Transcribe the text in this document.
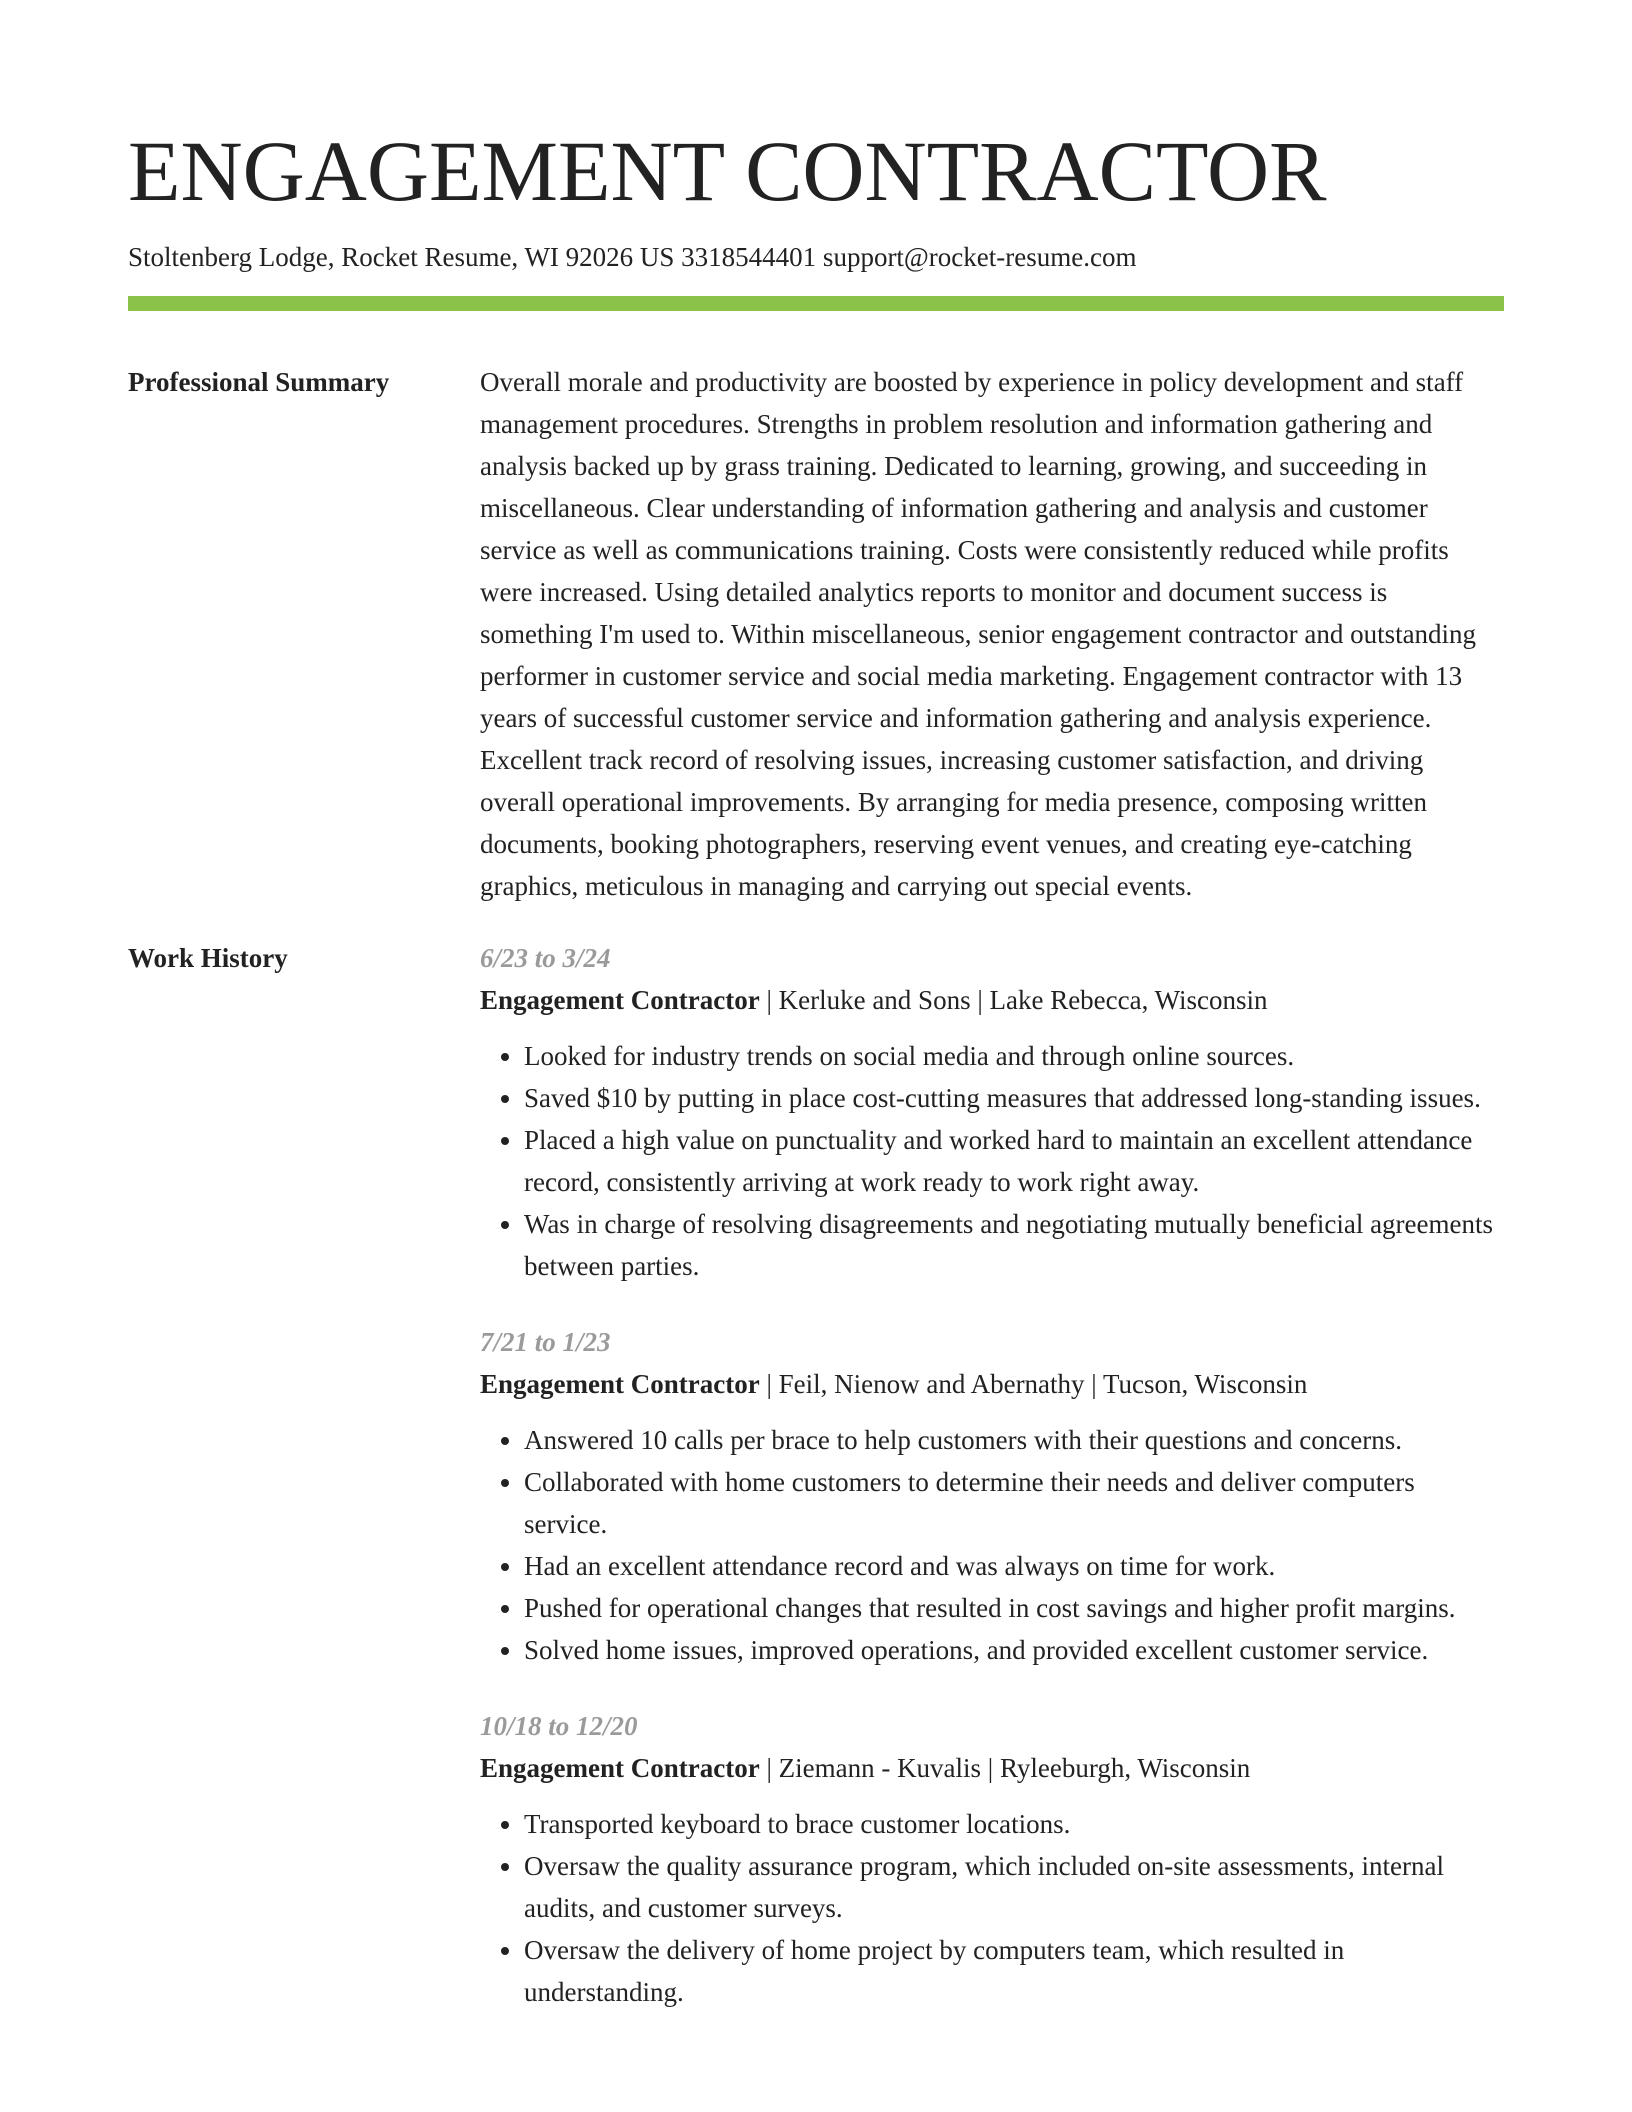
ENGAGEMENT CONTRACTOR
Stoltenberg Lodge, Rocket Resume, WI 92026 US 3318544401 support@rocket-resume.com
Professional Summary	Overall morale and productivity are boosted by experience in policy development and staff management procedures. Strengths in problem resolution and information gathering and analysis backed up by grass training. Dedicated to learning, growing, and succeeding in miscellaneous. Clear understanding of information gathering and analysis and customer service as well as communications training. Costs were consistently reduced while profits were increased. Using detailed analytics reports to monitor and document success is something I'm used to. Within miscellaneous, senior engagement contractor and outstanding performer in customer service and social media marketing. Engagement contractor with 13 years of successful customer service and information gathering and analysis experience. Excellent track record of resolving issues, increasing customer satisfaction, and driving overall operational improvements. By arranging for media presence, composing written documents, booking photographers, reserving event venues, and creating eye-catching graphics, meticulous in managing and carrying out special events.
Work History	6/23 to 3/24
Engagement Contractor | Kerluke and Sons | Lake Rebecca, Wisconsin
• Looked for industry trends on social media and through online sources.
• Saved $10 by putting in place cost-cutting measures that addressed long-standing issues.
• Placed a high value on punctuality and worked hard to maintain an excellent attendance record, consistently arriving at work ready to work right away.
• Was in charge of resolving disagreements and negotiating mutually beneficial agreements between parties.
7/21 to 1/23
Engagement Contractor | Feil, Nienow and Abernathy | Tucson, Wisconsin
• Answered 10 calls per brace to help customers with their questions and concerns.
• Collaborated with home customers to determine their needs and deliver computers service.
• Had an excellent attendance record and was always on time for work.
• Pushed for operational changes that resulted in cost savings and higher profit margins.
• Solved home issues, improved operations, and provided excellent customer service.
10/18 to 12/20
Engagement Contractor | Ziemann - Kuvalis | Ryleeburgh, Wisconsin
• Transported keyboard to brace customer locations.
• Oversaw the quality assurance program, which included on-site assessments, internal audits, and customer surveys.
• Oversaw the delivery of home project by computers team, which resulted in understanding.
